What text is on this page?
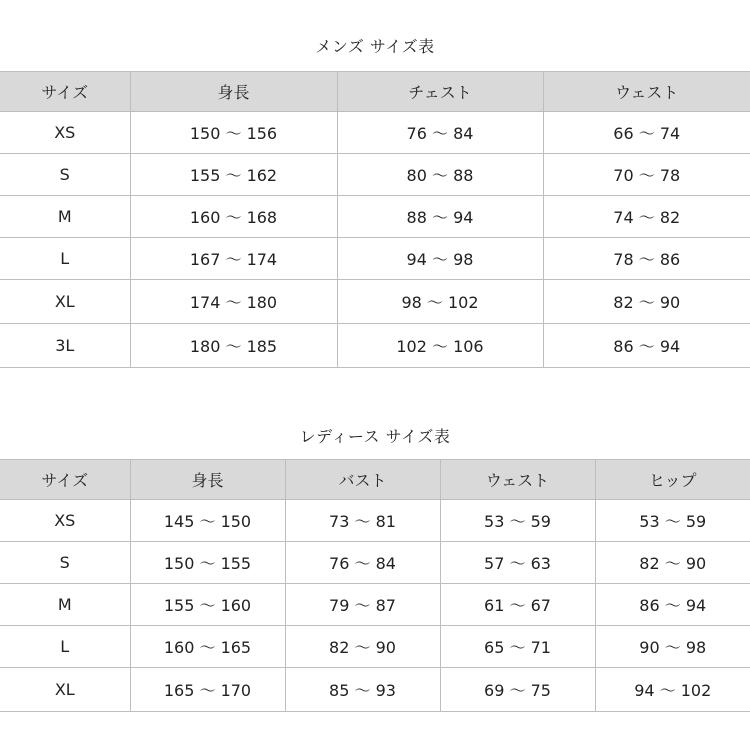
メンズ サイズ表
サイズ	身長	チェスト	ウェスト
XS	150 〜 156	76 〜 84	66 〜 74
S	155 〜 162	80 〜 88	70 〜 78
M	160 〜 168	88 〜 94	74 〜 82
L	167 〜 174	94 〜 98	78 〜 86
XL	174 〜 180	98 〜 102	82 〜 90
3L	180 〜 185	102 〜 106	86 〜 94
レディース サイズ表
サイズ	身長	バスト	ウェスト	ヒップ
XS	145 〜 150	73 〜 81	53 〜 59	53 〜 59
S	150 〜 155	76 〜 84	57 〜 63	82 〜 90
M	155 〜 160	79 〜 87	61 〜 67	86 〜 94
L	160 〜 165	82 〜 90	65 〜 71	90 〜 98
XL	165 〜 170	85 〜 93	69 〜 75	94 〜 102
